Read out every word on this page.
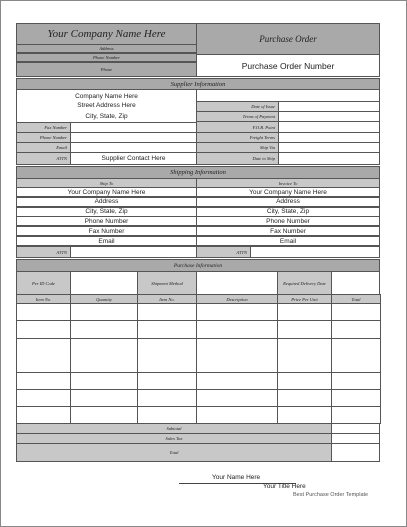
Your Company Name Here
Address
Phone Number
Phone
Purchase Order
Purchase Order Number
Supplier Information
Company Name Here
Street Address Here
City, State, Zip
Fax Number
Phone Number
Email
ATTN	Supplier Contact Here
Date of Issue
Terms of Payment
F.O.B. Point
Freight Terms
Ship Via
Date to Ship
Shipping Information
Ship To	Invoice To
Your Company Name Here	Your Company Name Here
Address	Address
City, State, Zip	City, State, Zip
Phone Number	Phone Number
Fax Number	Fax Number
Email	Email
ATTN	ATTN
Purchase Information
Per ID Code	Shipment Method	Required Delivery Date
Item No.	Quantity	Item No.	Description	Price Per Unit	Total
Subtotal
Sales Tax
Total
Your Name Here
Your Title Here
Best Purchase Order Template
